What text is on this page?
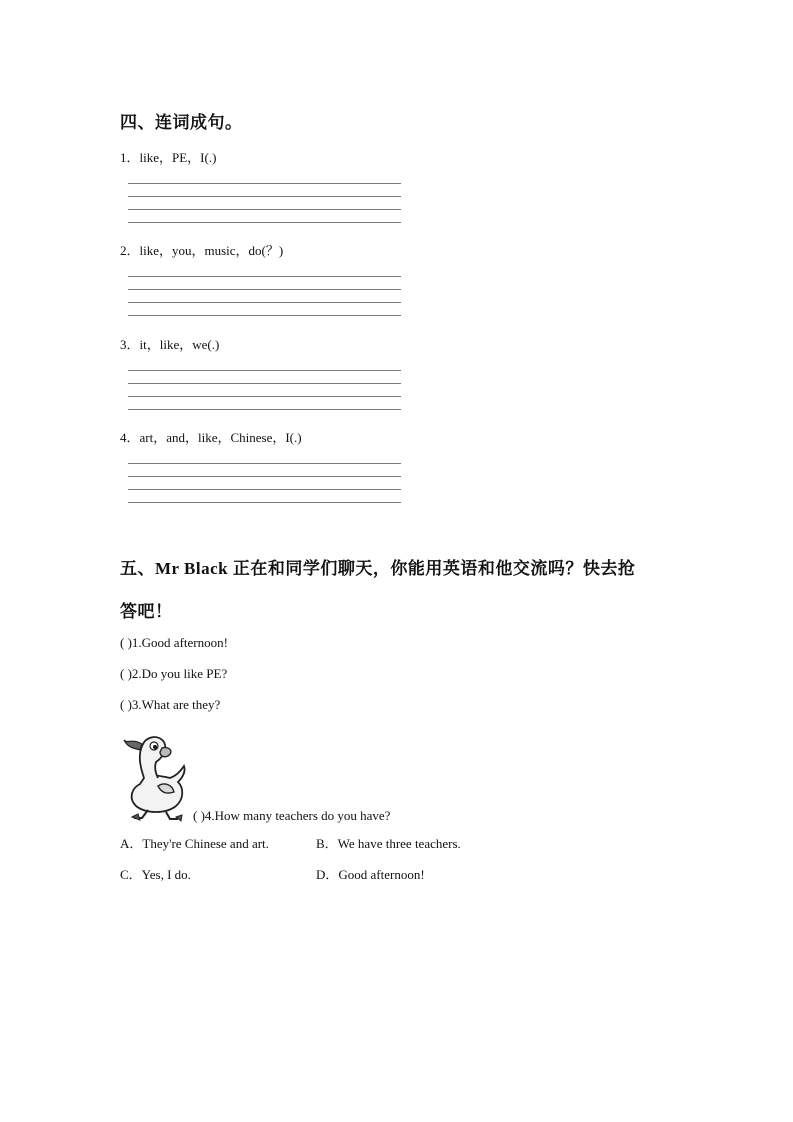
四、连词成句。
1．like，PE，I(.)
2．like，you，music，do(？)
3．it，like，we(.)
4．art，and，like，Chinese，I(.)
五、Mr Black 正在和同学们聊天，你能用英语和他交流吗？快去抢
答吧！
( )1.Good afternoon!
( )2.Do you like PE?
( )3.What are they?
( )4.How many teachers do you have?
A．They're Chinese and art.	B．We have three teachers.
C．Yes, I do.	D．Good afternoon!
